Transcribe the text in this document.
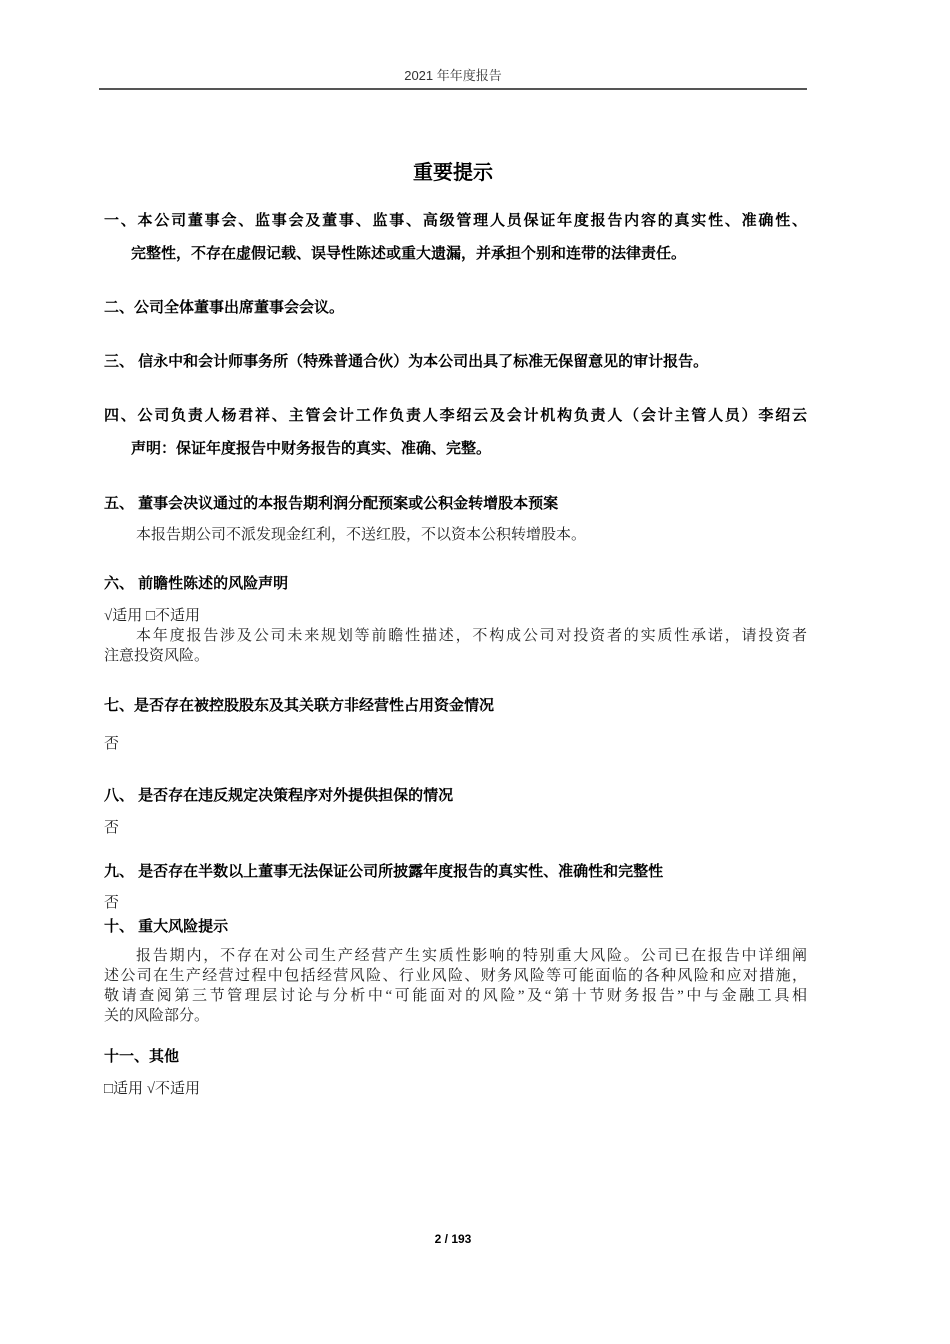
2021 年年度报告
重要提示
一、本公司董事会、监事会及董事、监事、高级管理人员保证年度报告内容的真实性、准确性、
完整性，不存在虚假记载、误导性陈述或重大遗漏，并承担个别和连带的法律责任。
二、公司全体董事出席董事会会议。
三、 信永中和会计师事务所（特殊普通合伙）为本公司出具了标准无保留意见的审计报告。
四、公司负责人杨君祥、主管会计工作负责人李绍云及会计机构负责人（会计主管人员）李绍云
声明：保证年度报告中财务报告的真实、准确、完整。
五、 董事会决议通过的本报告期利润分配预案或公积金转增股本预案
本报告期公司不派发现金红利，不送红股，不以资本公积转增股本。
六、 前瞻性陈述的风险声明
√适用 □不适用
本年度报告涉及公司未来规划等前瞻性描述，不构成公司对投资者的实质性承诺，请投资者
注意投资风险。
七、是否存在被控股股东及其关联方非经营性占用资金情况
否
八、 是否存在违反规定决策程序对外提供担保的情况
否
九、 是否存在半数以上董事无法保证公司所披露年度报告的真实性、准确性和完整性
否
十、 重大风险提示
报告期内，不存在对公司生产经营产生实质性影响的特别重大风险。公司已在报告中详细阐
述公司在生产经营过程中包括经营风险、行业风险、财务风险等可能面临的各种风险和应对措施，
敬请查阅第三节管理层讨论与分析中“可能面对的风险”及“第十节财务报告”中与金融工具相
关的风险部分。
十一、其他
□适用 √不适用
2 / 193
